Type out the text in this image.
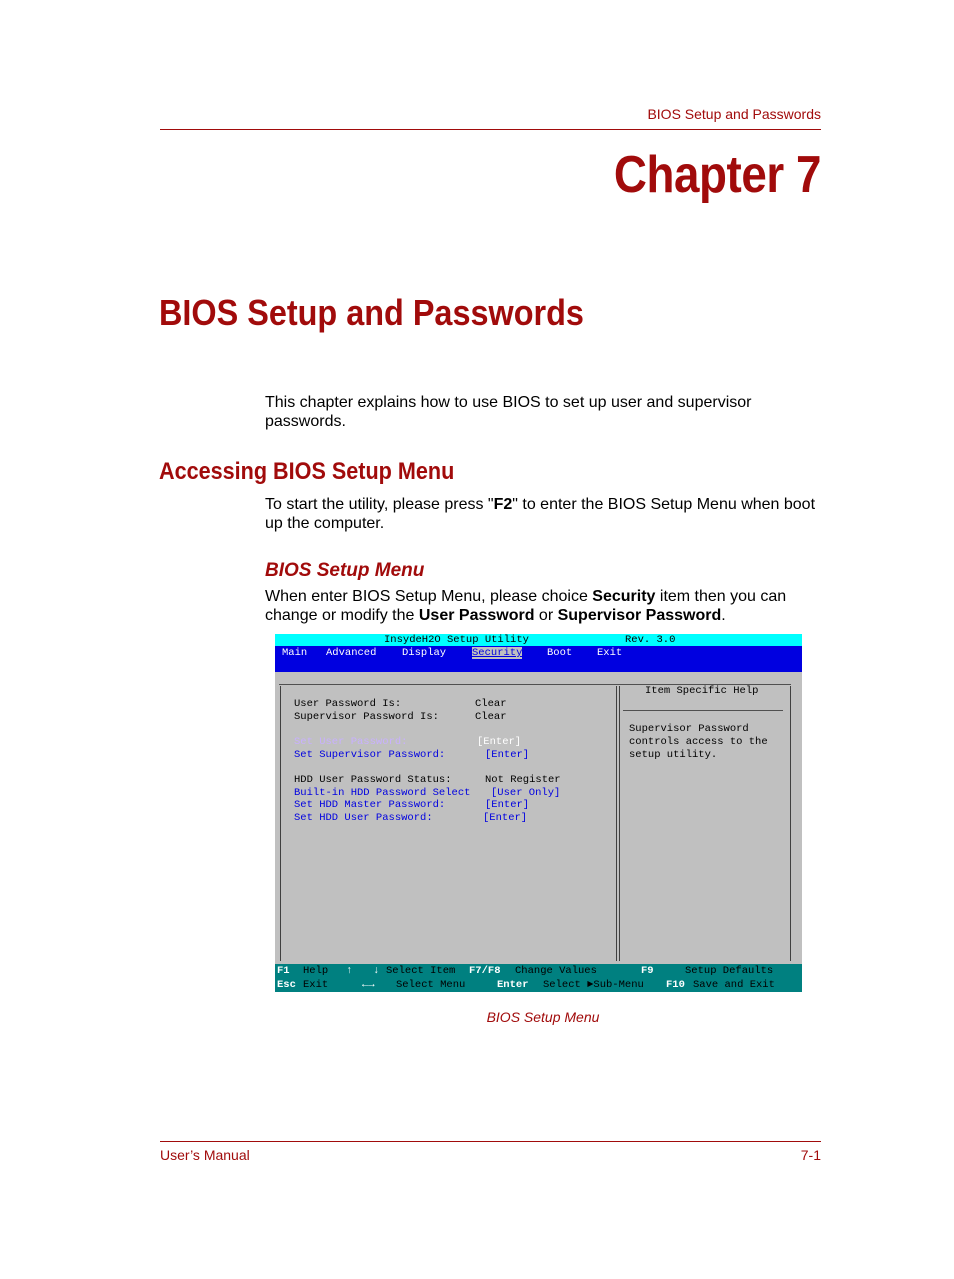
BIOS Setup and Passwords
Chapter 7
BIOS Setup and Passwords
This chapter explains how to use BIOS to set up user and supervisor passwords.
Accessing BIOS Setup Menu
To start the utility, please press "F2" to enter the BIOS Setup Menu when boot up the computer.
BIOS Setup Menu
When enter BIOS Setup Menu, please choice Security item then you can change or modify the User Password or Supervisor Password.
InsydeH2O Setup Utility	Rev. 3.0
Main Advanced Display Security Boot Exit
User Password Is:	Clear
Supervisor Password Is:	Clear
Set User Password:	[Enter]
Set Supervisor Password:	[Enter]
HDD User Password Status:	Not Register
Built-in HDD Password Select [User Only]
Set HDD Master Password:	[Enter]
Set HDD User Password:	[Enter]
Item Specific Help
Supervisor Password
controls access to the
setup utility.
F1 Help ↑ ↓ Select Item F7/F8 Change Values	F9	Setup Defaults
Esc Exit	←→ Select Menu	Enter Select ►Sub-Menu F10 Save and Exit
BIOS Setup Menu
User’s Manual	7-1
